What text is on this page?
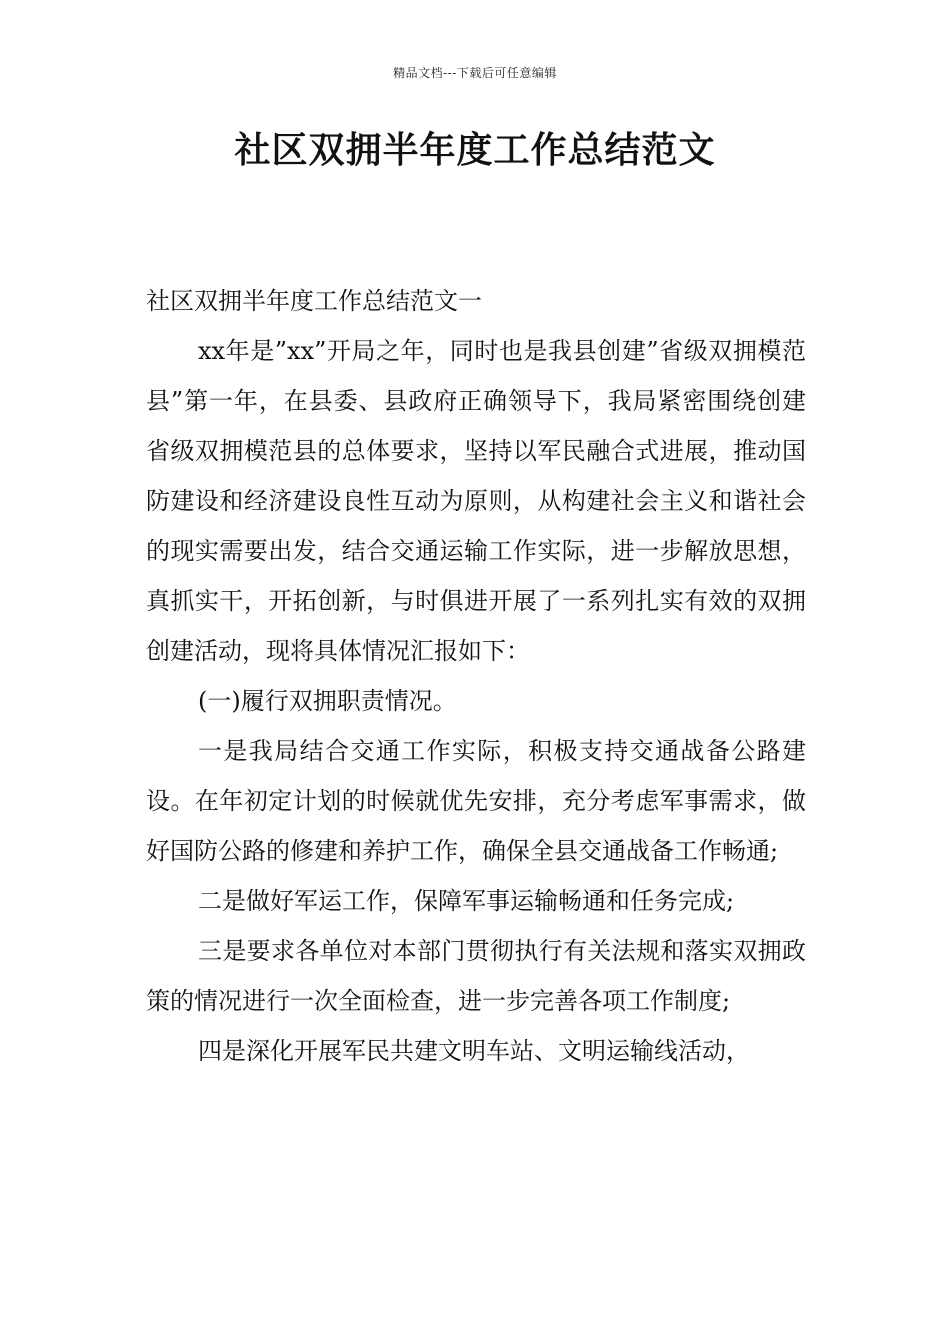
精品文档---下载后可任意编辑
社区双拥半年度工作总结范文

社区双拥半年度工作总结范文一

xx年是”xx”开局之年，同时也是我县创建”省级双拥模范县”第一年，在县委、县政府正确领导下，我局紧密围绕创建省级双拥模范县的总体要求，坚持以军民融合式进展，推动国防建设和经济建设良性互动为原则，从构建社会主义和谐社会的现实需要出发，结合交通运输工作实际，进一步解放思想，真抓实干，开拓创新，与时俱进开展了一系列扎实有效的双拥创建活动，现将具体情况汇报如下：

(一)履行双拥职责情况。

一是我局结合交通工作实际，积极支持交通战备公路建设。在年初定计划的时候就优先安排，充分考虑军事需求，做好国防公路的修建和养护工作，确保全县交通战备工作畅通;

二是做好军运工作，保障军事运输畅通和任务完成;

三是要求各单位对本部门贯彻执行有关法规和落实双拥政策的情况进行一次全面检查，进一步完善各项工作制度;

四是深化开展军民共建文明车站、文明运输线活动，
